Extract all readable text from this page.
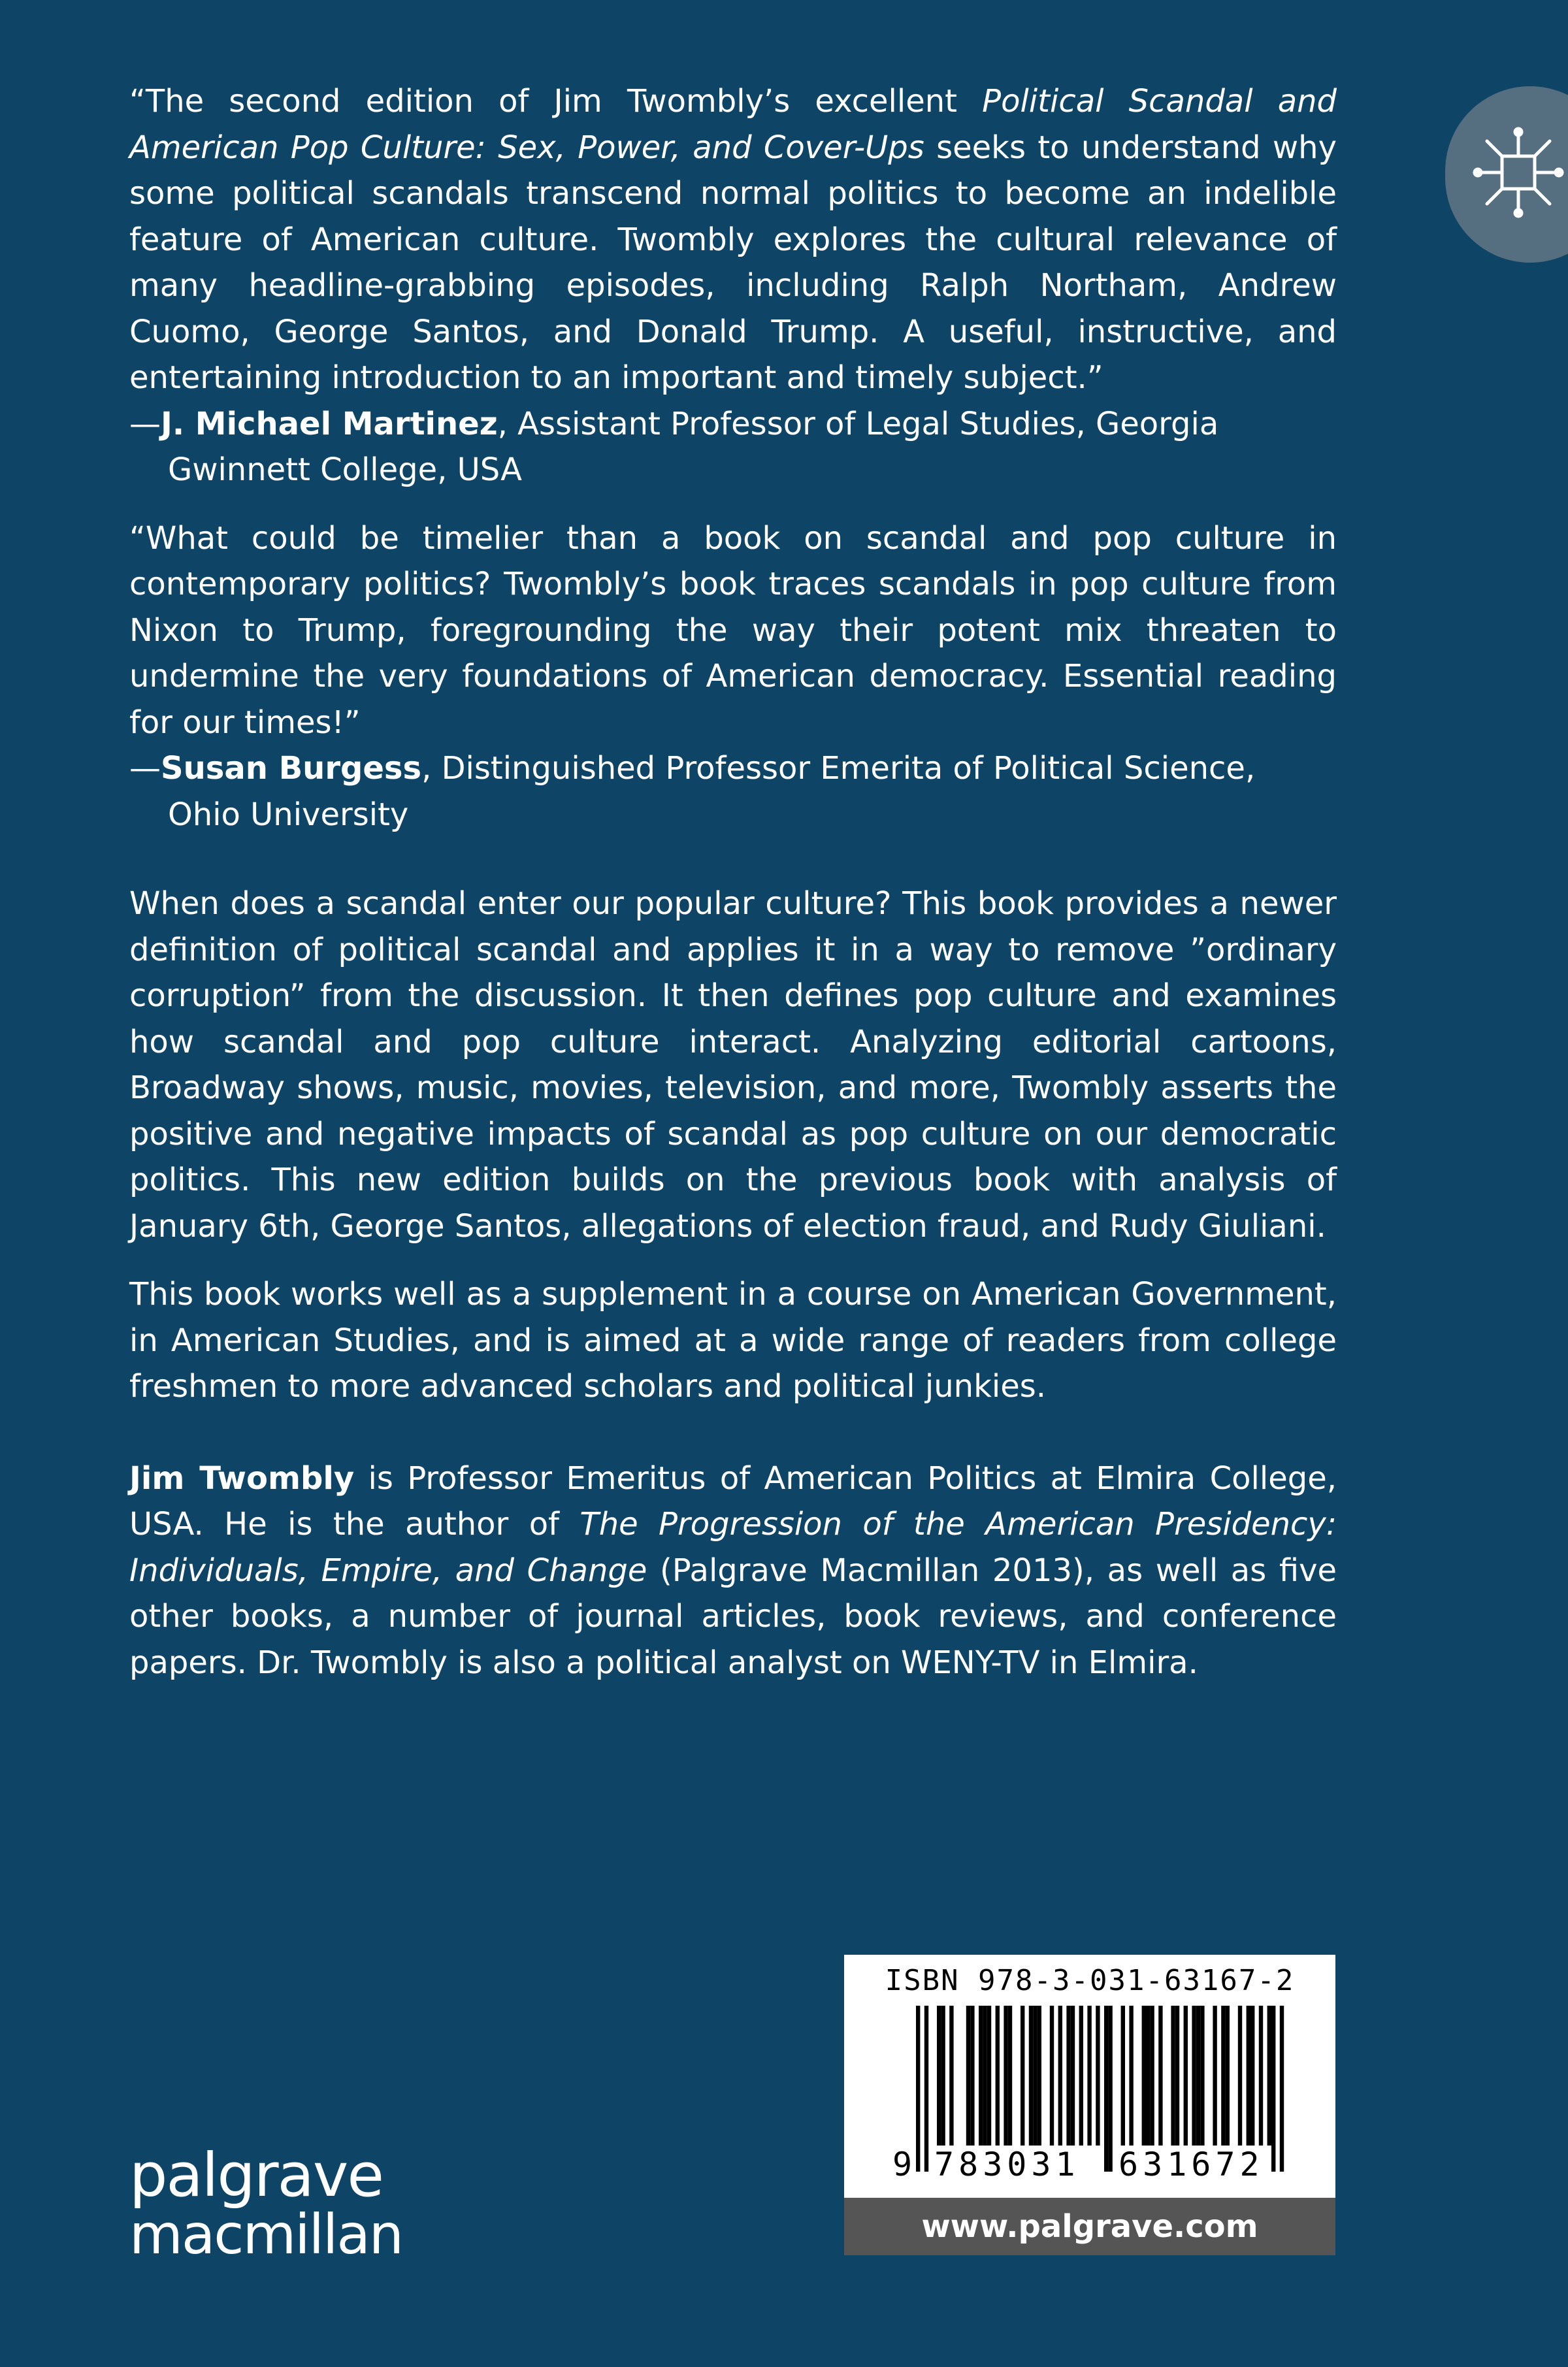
“The second edition of Jim Twombly’s excellent Political Scandal and American Pop Culture: Sex, Power, and Cover-Ups seeks to understand why some political scandals transcend normal politics to become an indelible feature of American culture. Twombly explores the cultural relevance of many headline-grabbing episodes, including Ralph Northam, Andrew Cuomo, George Santos, and Donald Trump. A useful, instructive, and entertaining introduction to an important and timely subject.”

—J. Michael Martinez, Assistant Professor of Legal Studies, Georgia Gwinnett College, USA

“What could be timelier than a book on scandal and pop culture in contemporary politics? Twombly’s book traces scandals in pop culture from Nixon to Trump, foregrounding the way their potent mix threaten to undermine the very foundations of American democracy. Essential reading for our times!”

—Susan Burgess, Distinguished Professor Emerita of Political Science, Ohio University

When does a scandal enter our popular culture? This book provides a newer definition of political scandal and applies it in a way to remove ”ordinary corruption” from the discussion. It then defines pop culture and examines how scandal and pop culture interact. Analyzing editorial cartoons, Broadway shows, music, movies, television, and more, Twombly asserts the positive and negative impacts of scandal as pop culture on our democratic politics. This new edition builds on the previous book with analysis of January 6th, George Santos, allegations of election fraud, and Rudy Giuliani.

This book works well as a supplement in a course on American Government, in American Studies, and is aimed at a wide range of readers from college freshmen to more advanced scholars and political junkies.

Jim Twombly is Professor Emeritus of American Politics at Elmira College, USA. He is the author of The Progression of the American Presidency: Individuals, Empire, and Change (Palgrave Macmillan 2013), as well as five other books, a number of journal articles, book reviews, and conference papers. Dr. Twombly is also a political analyst on WENY-TV in Elmira.

palgrave
macmillan
ISBN 978-3-031-63167-2
9 783031 631672
www.palgrave.com
